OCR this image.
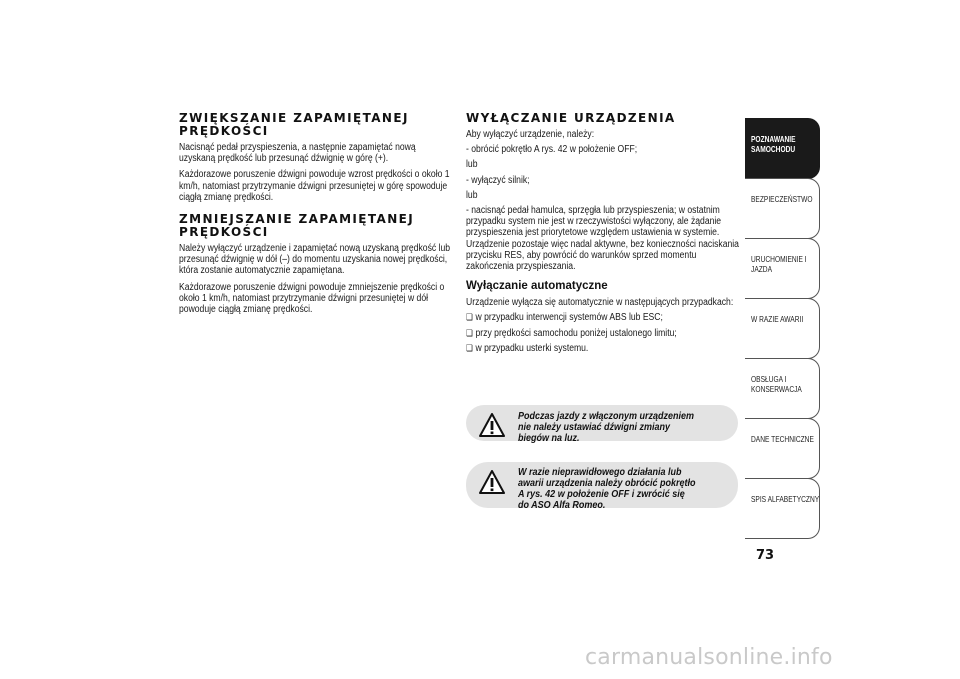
ZWIĘKSZANIE ZAPAMIĘTANEJ PRĘDKOŚCI
Nacisnąć pedał przyspieszenia, a następnie zapamiętać nową uzyskaną prędkość lub przesunąć dźwignię w górę (+).
Każdorazowe poruszenie dźwigni powoduje wzrost prędkości o około 1 km/h, natomiast przytrzymanie dźwigni przesuniętej w górę spowoduje ciągłą zmianę prędkości.
ZMNIEJSZANIE ZAPAMIĘTANEJ PRĘDKOŚCI
Należy wyłączyć urządzenie i zapamiętać nową uzyskaną prędkość lub przesunąć dźwignię w dół (–) do momentu uzyskania nowej prędkości, która zostanie automatycznie zapamiętana.
Każdorazowe poruszenie dźwigni powoduje zmniejszenie prędkości o około 1 km/h, natomiast przytrzymanie dźwigni przesuniętej w dół powoduje ciągłą zmianę prędkości.
WYŁĄCZANIE URZĄDZENIA
Aby wyłączyć urządzenie, należy:
- obrócić pokrętło A rys. 42 w położenie OFF;
lub
- wyłączyć silnik;
lub
- nacisnąć pedał hamulca, sprzęgła lub przyspieszenia; w ostatnim przypadku system nie jest w rzeczywistości wyłączony, ale żądanie przyspieszenia jest priorytetowe względem ustawienia w systemie. Urządzenie pozostaje więc nadal aktywne, bez konieczności naciskania przycisku RES, aby powrócić do warunków sprzed momentu zakończenia przyspieszania.
Wyłączanie automatyczne
Urządzenie wyłącza się automatycznie w następujących przypadkach:
❏ w przypadku interwencji systemów ABS lub ESC;
❏ przy prędkości samochodu poniżej ustalonego limitu;
❏ w przypadku usterki systemu.
Podczas jazdy z włączonym urządzeniem nie należy ustawiać dźwigni zmiany biegów na luz.
W razie nieprawidłowego działania lub awarii urządzenia należy obrócić pokrętło A rys. 42 w położenie OFF i zwrócić się do ASO Alfa Romeo.
POZNAWANIE SAMOCHODU
BEZPIECZEŃSTWO
URUCHOMIENIE I JAZDA
W RAZIE AWARII
OBSŁUGA I KONSERWACJA
DANE TECHNICZNE
SPIS ALFABETYCZNY
73
carmanualsonline.info
